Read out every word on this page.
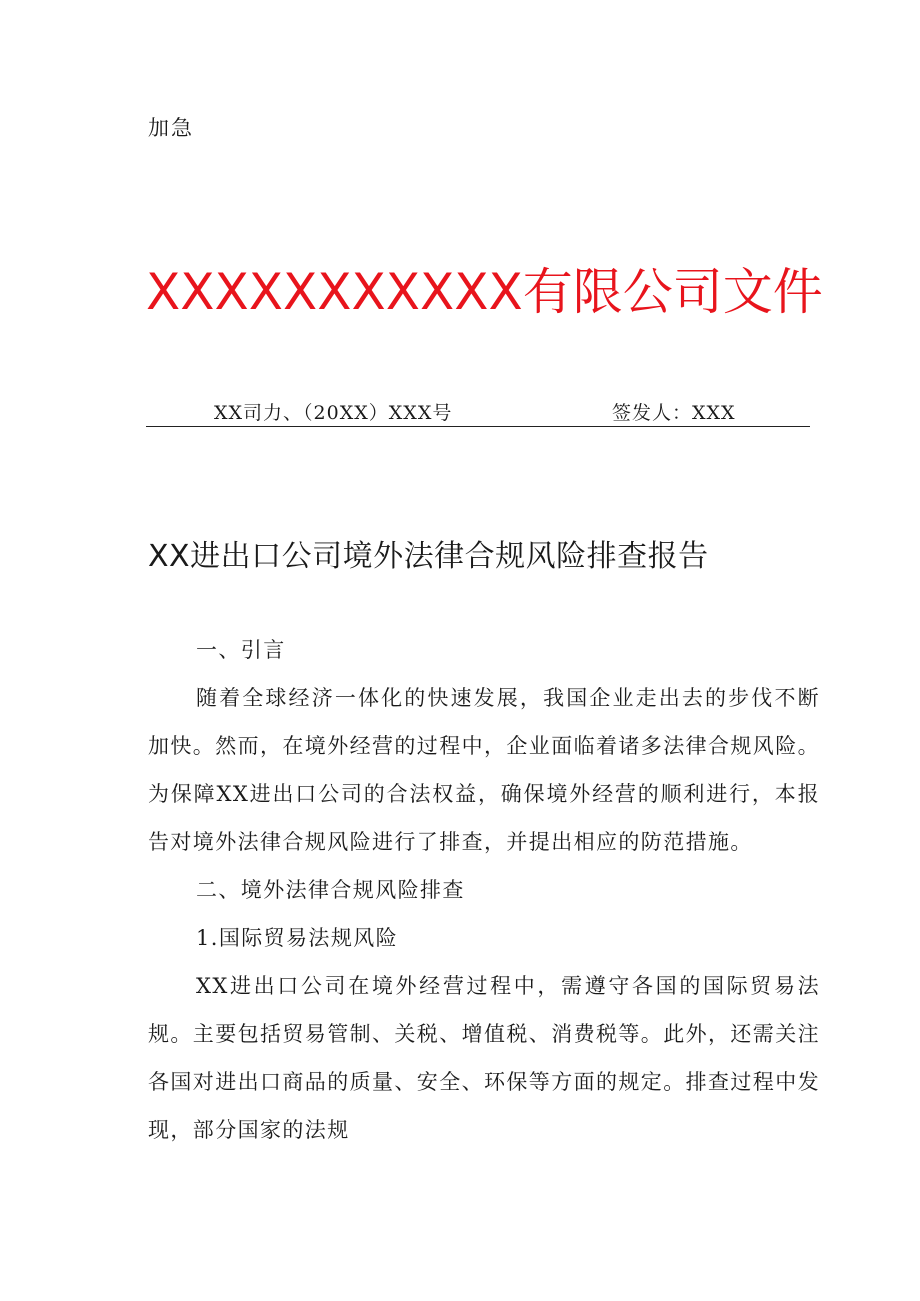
加急
XXXXXXXXXXX有限公司文件
XX司力、（20XX）XXX号	签发人：XXX
XX进出口公司境外法律合规风险排查报告

一、引言

随着全球经济一体化的快速发展，我国企业走出去的步伐不断加快。然而，在境外经营的过程中，企业面临着诸多法律合规风险。为保障XX进出口公司的合法权益，确保境外经营的顺利进行，本报告对境外法律合规风险进行了排查，并提出相应的防范措施。

二、境外法律合规风险排查

1.国际贸易法规风险

XX进出口公司在境外经营过程中，需遵守各国的国际贸易法规。主要包括贸易管制、关税、增值税、消费税等。此外，还需关注各国对进出口商品的质量、安全、环保等方面的规定。排查过程中发现，部分国家的法规
